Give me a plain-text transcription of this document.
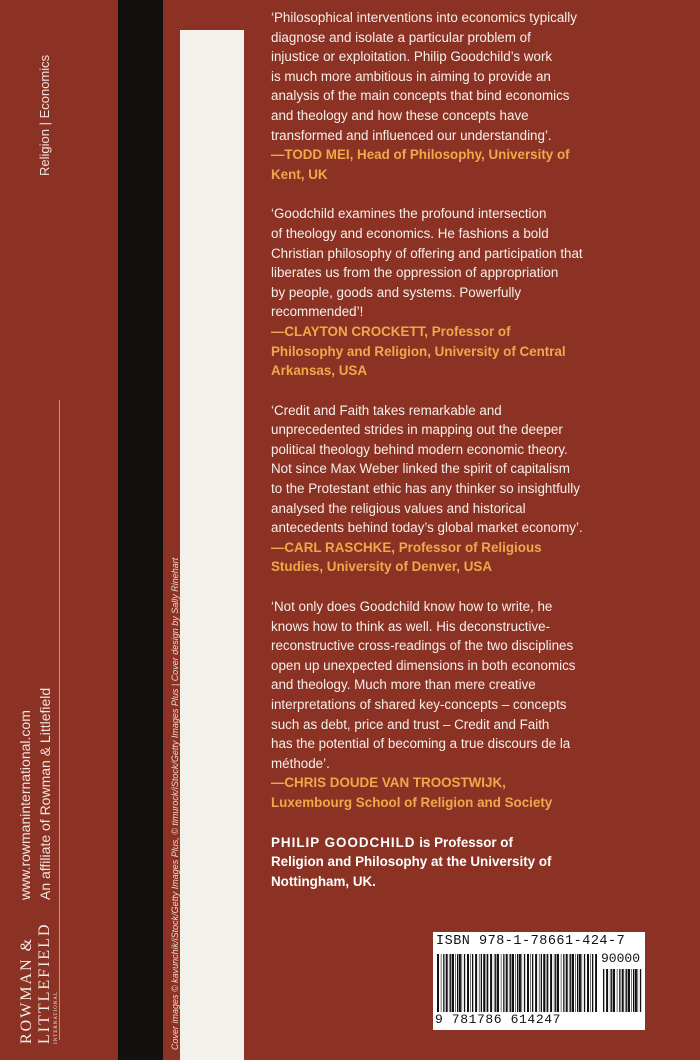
Religion | Economics
www.rowmaninternational.com An affiliate of Rowman & Littlefield
ROWMAN & LITTLEFIELD INTERNATIONAL	Cover images © kavunchik/iStock/Getty Images Plus, © timurock/iStock/Getty Images Plus | Cover design by Sally Rinehart
‘Philosophical interventions into economics typically
diagnose and isolate a particular problem of
injustice or exploitation. Philip Goodchild’s work
is much more ambitious in aiming to provide an
analysis of the main concepts that bind economics
and theology and how these concepts have
transformed and influenced our understanding’.
—TODD MEI, Head of Philosophy, University of
Kent, UK
‘Goodchild examines the profound intersection
of theology and economics. He fashions a bold
Christian philosophy of offering and participation that
liberates us from the oppression of appropriation
by people, goods and systems. Powerfully
recommended’!
—CLAYTON CROCKETT, Professor of
Philosophy and Religion, University of Central
Arkansas, USA
‘Credit and Faith takes remarkable and
unprecedented strides in mapping out the deeper
political theology behind modern economic theory.
Not since Max Weber linked the spirit of capitalism
to the Protestant ethic has any thinker so insightfully
analysed the religious values and historical
antecedents behind today’s global market economy’.
—CARL RASCHKE, Professor of Religious
Studies, University of Denver, USA
‘Not only does Goodchild know how to write, he
knows how to think as well. His deconstructive-
reconstructive cross-readings of the two disciplines
open up unexpected dimensions in both economics
and theology. Much more than mere creative
interpretations of shared key-concepts – concepts
such as debt, price and trust – Credit and Faith
has the potential of becoming a true discours de la
méthode’.
—CHRIS DOUDE VAN TROOSTWIJK,
Luxembourg School of Religion and Society
PHILIP GOODCHILD is Professor of
Religion and Philosophy at the University of
Nottingham, UK.
ISBN 978-1-78661-424-7
90000
9 781786 614247
